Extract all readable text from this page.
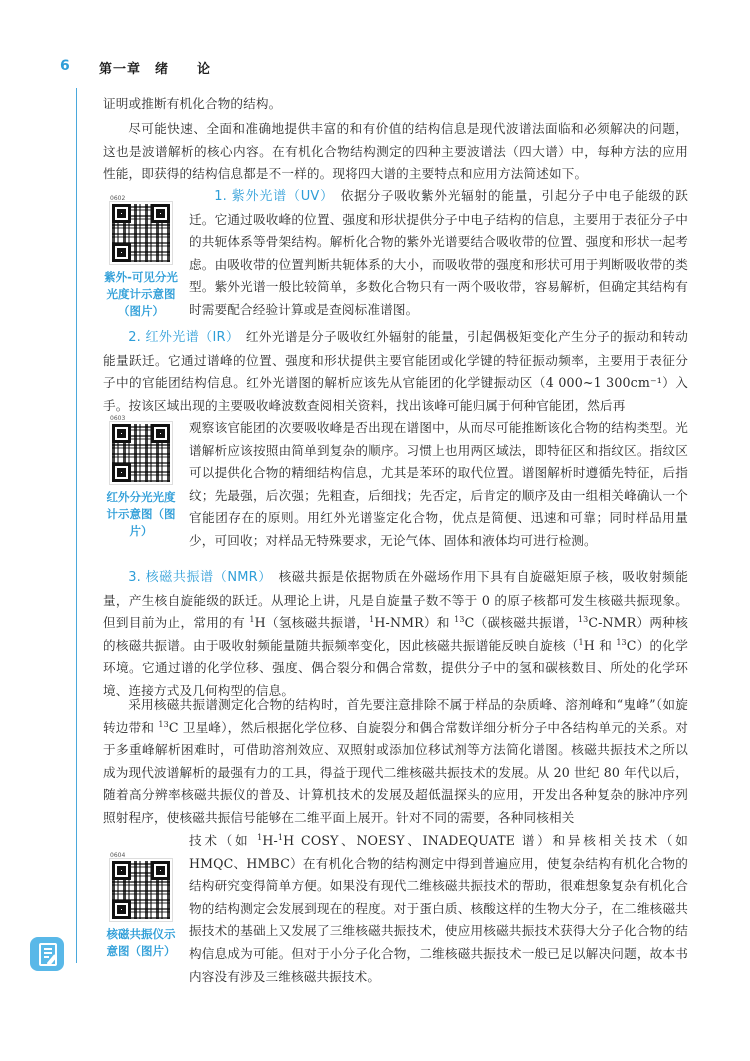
6 第一章　绪　　论

证明或推断有机化合物的结构。

尽可能快速、全面和准确地提供丰富的和有价值的结构信息是现代波谱法面临和必须解决的问题，这也是波谱解析的核心内容。在有机化合物结构测定的四种主要波谱法（四大谱）中，每种方法的应用性能，即获得的结构信息都是不一样的。现将四大谱的主要特点和应用方法简述如下。

0602
紫外-可见分光光度计示意图（图片）

1. 紫外光谱（UV）　 依据分子吸收紫外光辐射的能量，引起分子中电子能级的跃迁。它通过吸收峰的位置、强度和形状提供分子中电子结构的信息，主要用于表征分子中的共轭体系等骨架结构。解析化合物的紫外光谱要结合吸收带的位置、强度和形状一起考虑。由吸收带的位置判断共轭体系的大小，而吸收带的强度和形状可用于判断吸收带的类型。紫外光谱一般比较简单，多数化合物只有一两个吸收带，容易解析，但确定其结构有时需要配合经验计算或是查阅标准谱图。

2. 红外光谱（IR）　 红外光谱是分子吸收红外辐射的能量，引起偶极矩变化产生分子的振动和转动能量跃迁。它通过谱峰的位置、强度和形状提供主要官能团或化学键的特征振动频率，主要用于表征分子中的官能团结构信息。红外光谱图的解析应该先从官能团的化学键振动区（4 000~1 300cm⁻¹）入手。按该区域出现的主要吸收峰波数查阅相关资料，找出该峰可能归属于何种官能团，然后再

0603
红外分光光度计示意图（图片）

观察该官能团的次要吸收峰是否出现在谱图中，从而尽可能推断该化合物的结构类型。光谱解析应该按照由简单到复杂的顺序。习惯上也用两区域法，即特征区和指纹区。指纹区可以提供化合物的精细结构信息，尤其是苯环的取代位置。谱图解析时遵循先特征，后指纹；先最强，后次强；先粗查，后细找；先否定，后肯定的顺序及由一组相关峰确认一个官能团存在的原则。用红外光谱鉴定化合物，优点是简便、迅速和可靠；同时样品用量少，可回收；对样品无特殊要求，无论气体、固体和液体均可进行检测。

3. 核磁共振谱（NMR）　 核磁共振是依据物质在外磁场作用下具有自旋磁矩原子核，吸收射频能量，产生核自旋能级的跃迁。从理论上讲，凡是自旋量子数不等于 0 的原子核都可发生核磁共振现象。但到目前为止，常用的有 $^1$H（氢核磁共振谱，$^1$H-NMR）和 $^{13}$C（碳核磁共振谱，$^{13}$C-NMR）两种核的核磁共振谱。由于吸收射频能量随共振频率变化，因此核磁共振谱能反映自旋核（$^1$H 和 $^{13}$C）的化学环境。它通过谱的化学位移、强度、偶合裂分和偶合常数，提供分子中的氢和碳核数目、所处的化学环境、连接方式及几何构型的信息。

采用核磁共振谱测定化合物的结构时，首先要注意排除不属于样品的杂质峰、溶剂峰和“鬼峰”（如旋转边带和 $^{13}$C 卫星峰），然后根据化学位移、自旋裂分和偶合常数详细分析分子中各结构单元的关系。对于多重峰解析困难时，可借助溶剂效应、双照射或添加位移试剂等方法简化谱图。核磁共振技术之所以成为现代波谱解析的最强有力的工具，得益于现代二维核磁共振技术的发展。从 20 世纪 80 年代以后，随着高分辨率核磁共振仪的普及、计算机技术的发展及超低温探头的应用，开发出各种复杂的脉冲序列照射程序，使核磁共振信号能够在二维平面上展开。针对不同的需要，各种同核相关

0604
核磁共振仪示意图（图片）

技术（如 $^1$H-$^1$H COSY、NOESY、INADEQUATE 谱）和异核相关技术（如 HMQC、HMBC）在有机化合物的结构测定中得到普遍应用，使复杂结构有机化合物的结构研究变得简单方便。如果没有现代二维核磁共振技术的帮助，很难想象复杂有机化合物的结构测定会发展到现在的程度。对于蛋白质、核酸这样的生物大分子，在二维核磁共振技术的基础上又发展了三维核磁共振技术，使应用核磁共振技术获得大分子化合物的结构信息成为可能。但对于小分子化合物，二维核磁共振技术一般已足以解决问题，故本书内容没有涉及三维核磁共振技术。
